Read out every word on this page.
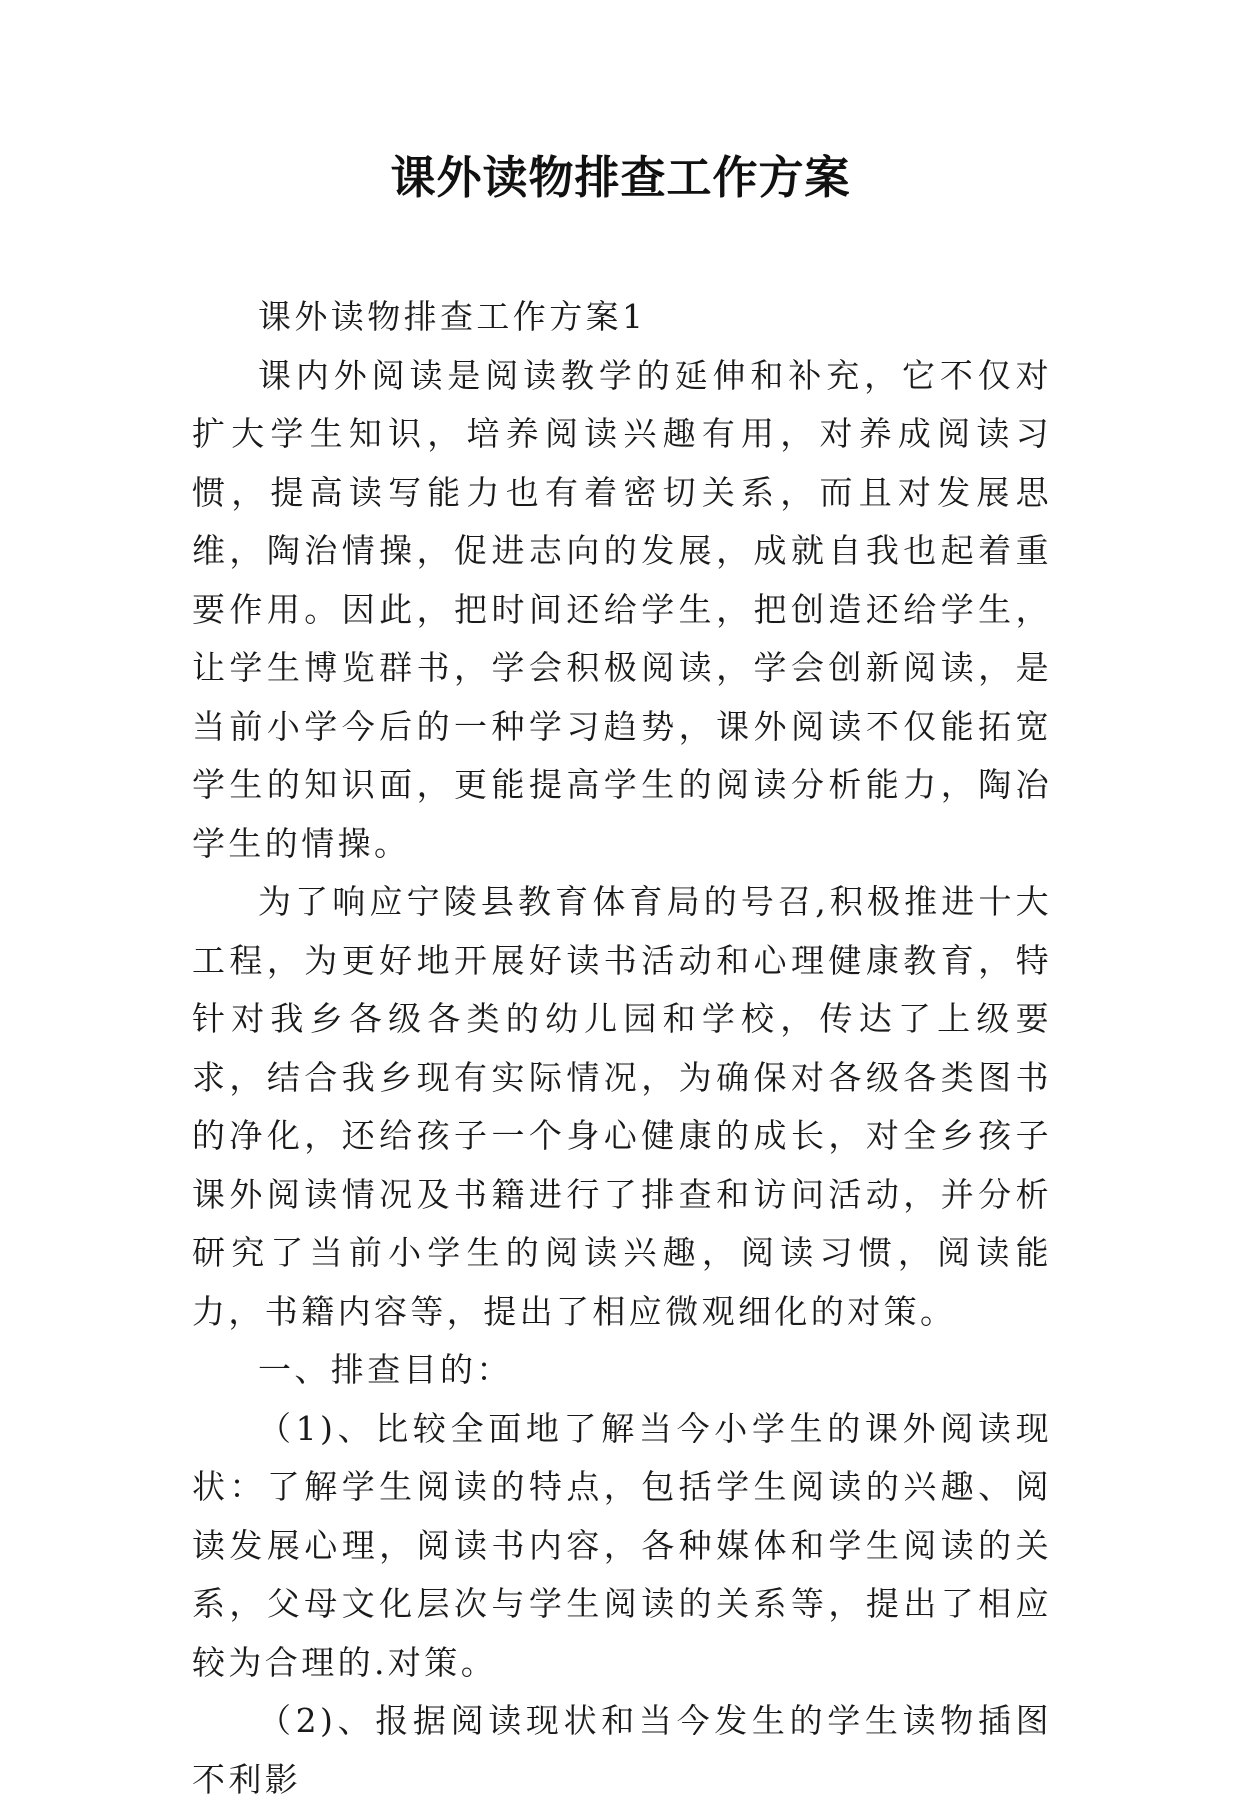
课外读物排查工作方案

课外读物排查工作方案1

课内外阅读是阅读教学的延伸和补充，它不仅对扩大学生知识，培养阅读兴趣有用，对养成阅读习惯，提高读写能力也有着密切关系，而且对发展思维，陶治情操，促进志向的发展，成就自我也起着重要作用。因此，把时间还给学生，把创造还给学生，让学生博览群书，学会积极阅读，学会创新阅读，是当前小学今后的一种学习趋势，课外阅读不仅能拓宽学生的知识面，更能提高学生的阅读分析能力，陶冶学生的情操。

为了响应宁陵县教育体育局的号召,积极推进十大工程，为更好地开展好读书活动和心理健康教育，特针对我乡各级各类的幼儿园和学校，传达了上级要求，结合我乡现有实际情况，为确保对各级各类图书的净化，还给孩子一个身心健康的成长，对全乡孩子课外阅读情况及书籍进行了排查和访问活动，并分析研究了当前小学生的阅读兴趣，阅读习惯，阅读能力，书籍内容等，提出了相应微观细化的对策。

一、排查目的：

（1)、比较全面地了解当今小学生的课外阅读现状：了解学生阅读的特点，包括学生阅读的兴趣、阅读发展心理，阅读书内容，各种媒体和学生阅读的关系，父母文化层次与学生阅读的关系等，提出了相应较为合理的.对策。

（2)、报据阅读现状和当今发生的学生读物插图不利影
